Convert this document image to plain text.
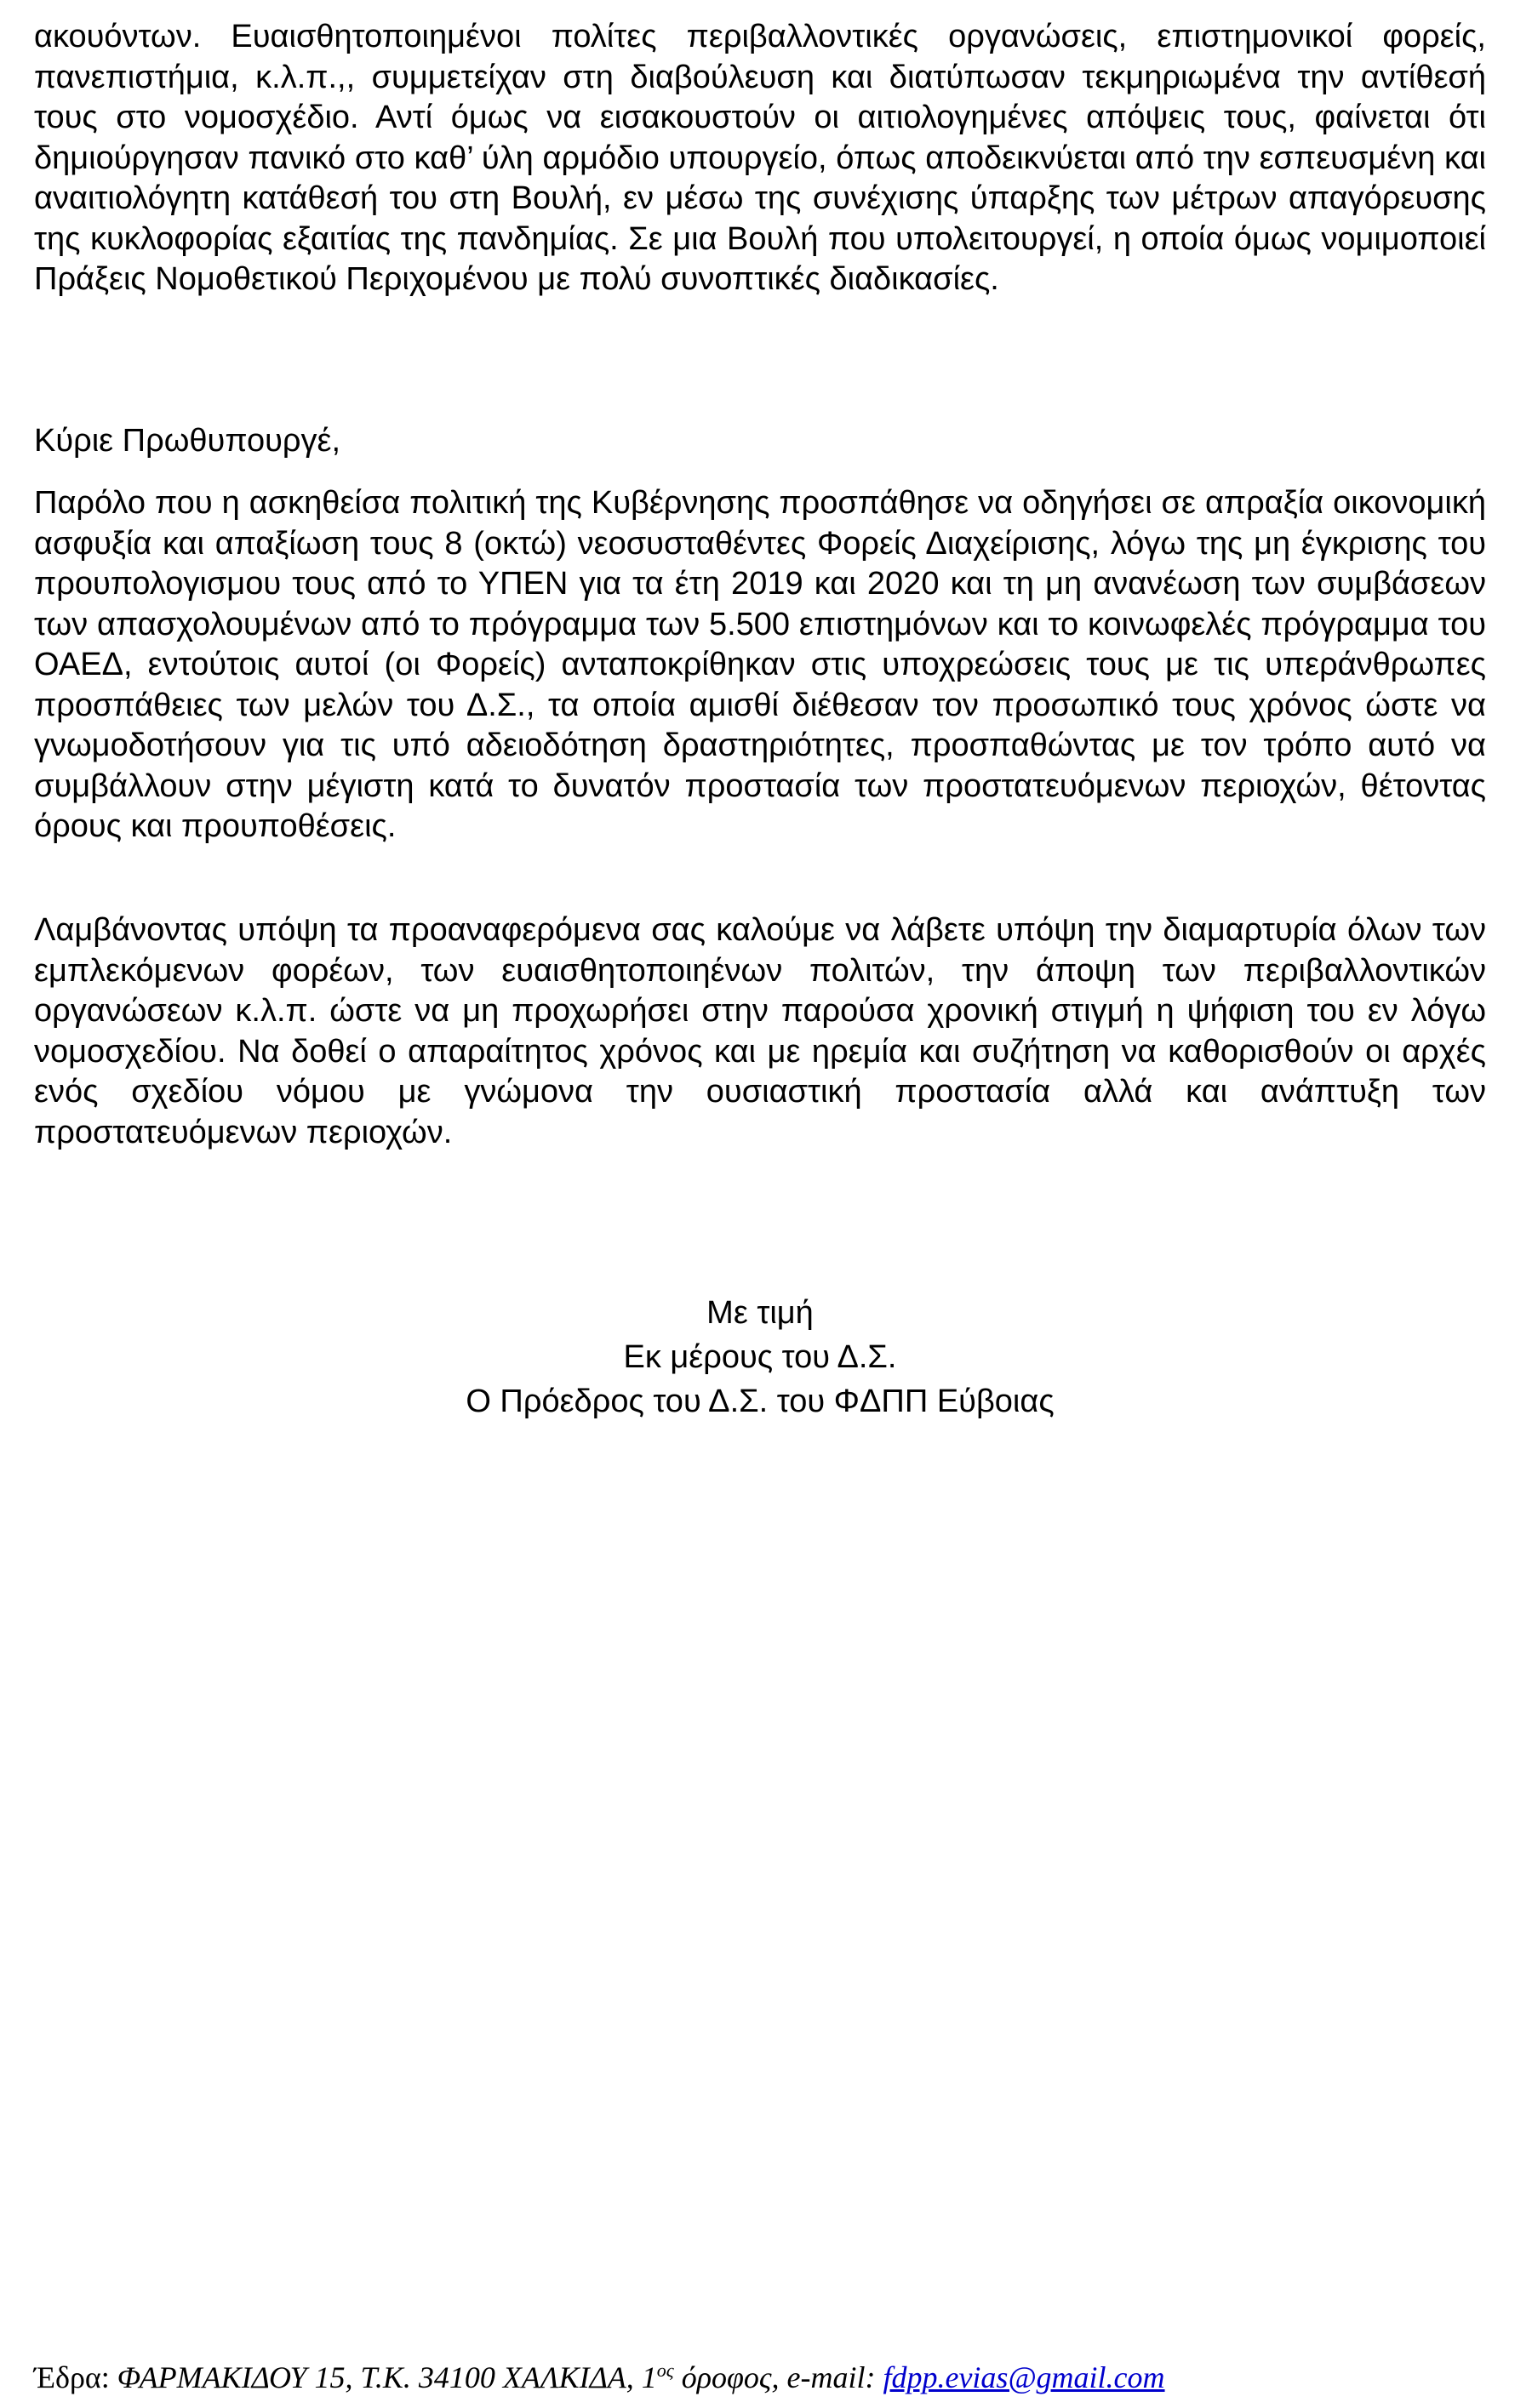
ακουόντων. Ευαισθητοποιημένοι πολίτες περιβαλλοντικές οργανώσεις, επιστημονικοί φορείς, πανεπιστήμια, κ.λ.π.,, συμμετείχαν στη διαβούλευση και διατύπωσαν τεκμηριωμένα την αντίθεσή τους στο νομοσχέδιο. Αντί όμως να εισακουστούν οι αιτιολογημένες απόψεις τους, φαίνεται ότι δημιούργησαν πανικό στο καθ’ ύλη αρμόδιο υπουργείο, όπως αποδεικνύεται από την εσπευσμένη και αναιτιολόγητη κατάθεσή του στη Βουλή, εν μέσω της συνέχισης ύπαρξης των μέτρων απαγόρευσης της κυκλοφορίας εξαιτίας της πανδημίας. Σε μια Βουλή που υπολειτουργεί, η οποία όμως νομιμοποιεί Πράξεις Νομοθετικού Περιχομένου με πολύ συνοπτικές διαδικασίες.

Κύριε Πρωθυπουργέ,

Παρόλο που η ασκηθείσα πολιτική της Κυβέρνησης προσπάθησε να οδηγήσει σε απραξία οικονομική ασφυξία και απαξίωση τους 8 (οκτώ) νεοσυσταθέντες Φορείς Διαχείρισης, λόγω της μη έγκρισης του προυπολογισμου τους από το ΥΠΕΝ για τα έτη 2019 και 2020 και τη μη ανανέωση των συμβάσεων των απασχολουμένων από το πρόγραμμα των 5.500 επιστημόνων και το κοινωφελές πρόγραμμα του ΟΑΕΔ, εντούτοις αυτοί (οι Φορείς) ανταποκρίθηκαν στις υποχρεώσεις τους με τις υπεράνθρωπες προσπάθειες των μελών του Δ.Σ., τα οποία αμισθί διέθεσαν τον προσωπικό τους χρόνος ώστε να γνωμοδοτήσουν για τις υπό αδειοδότηση δραστηριότητες, προσπαθώντας με τον τρόπο αυτό να συμβάλλουν στην μέγιστη κατά το δυνατόν προστασία των προστατευόμενων περιοχών, θέτοντας όρους και προυποθέσεις.

Λαμβάνοντας υπόψη τα προαναφερόμενα σας καλούμε να λάβετε υπόψη την διαμαρτυρία όλων των εμπλεκόμενων φορέων, των ευαισθητοποιηένων πολιτών, την άποψη των περιβαλλοντικών οργανώσεων κ.λ.π. ώστε να μη προχωρήσει στην παρούσα χρονική στιγμή η ψήφιση του εν λόγω νομοσχεδίου. Να δοθεί ο απαραίτητος χρόνος και με ηρεμία και συζήτηση να καθορισθούν οι αρχές ενός σχεδίου νόμου με γνώμονα την ουσιαστική προστασία αλλά και ανάπτυξη των προστατευόμενων περιοχών.

Με τιμή
Εκ μέρους του Δ.Σ.
Ο Πρόεδρος του Δ.Σ. του ΦΔΠΠ Εύβοιας
Έδρα: ΦΑΡΜΑΚΙΔΟΥ 15, Τ.Κ. 34100 ΧΑΛΚΙΔΑ, $1^{o\varsigma}$ όροφος, e-mail: fdpp.evias@gmail.com
